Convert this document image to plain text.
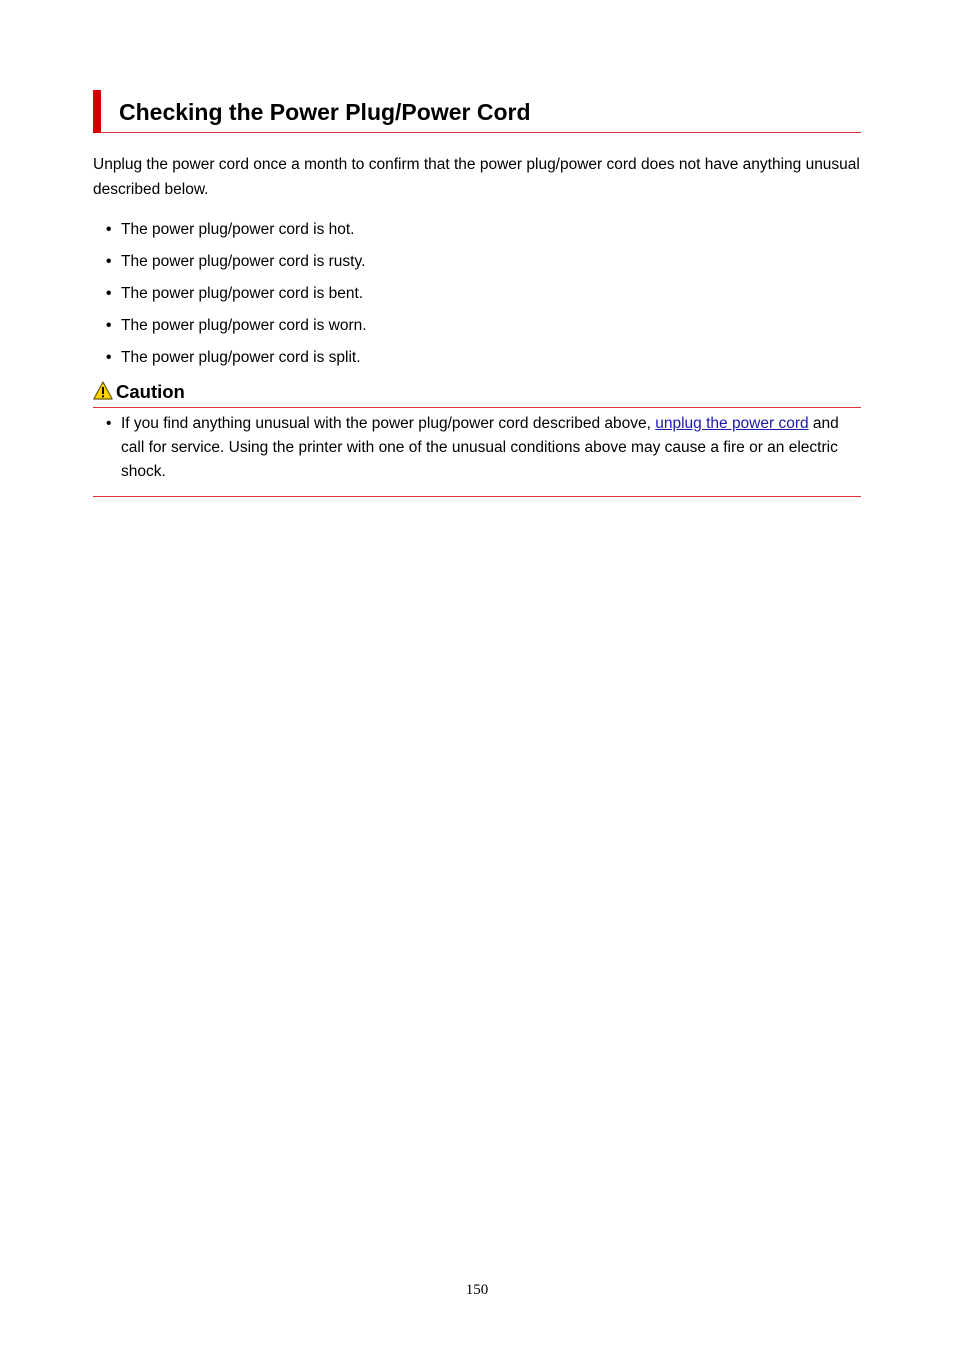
Checking the Power Plug/Power Cord

Unplug the power cord once a month to confirm that the power plug/power cord does not have anything unusual described below.

• The power plug/power cord is hot.
• The power plug/power cord is rusty.
• The power plug/power cord is bent.
• The power plug/power cord is worn.
• The power plug/power cord is split.
Caution
• If you find anything unusual with the power plug/power cord described above, unplug the power cord and call for service. Using the printer with one of the unusual conditions above may cause a fire or an electric shock.
150
